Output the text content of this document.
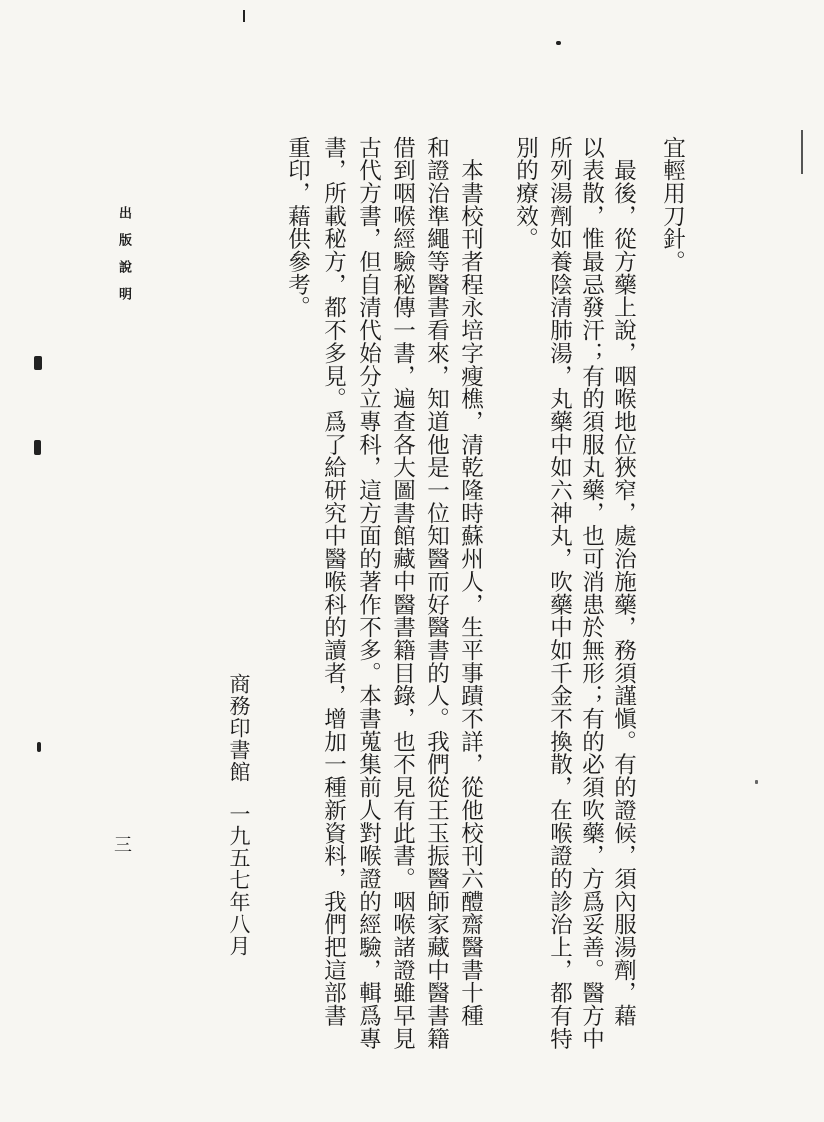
宜輕用刀針。
　最後，從方藥上說，咽喉地位狹窄，處治施藥，務須謹愼。有的證候，須內服湯劑，藉
以表散，惟最忌發汗；有的須服丸藥，也可消患於無形；有的必須吹藥，方爲妥善。醫方中
所列湯劑如養陰清肺湯，丸藥中如六神丸，吹藥中如千金不換散，在喉證的診治上，都有特
別的療效。
　本書校刊者程永培字瘦樵，清乾隆時蘇州人，生平事蹟不詳，從他校刊六醴齋醫書十種
和證治準繩等醫書看來，知道他是一位知醫而好醫書的人。我們從王玉振醫師家藏中醫書籍
借到咽喉經驗秘傳一書，遍查各大圖書館藏中醫書籍目錄，也不見有此書。咽喉諸證雖早見
古代方書，但自清代始分立專科，這方面的著作不多。本書蒐集前人對喉證的經驗，輯爲專
書，所載秘方，都不多見。爲了給研究中醫喉科的讀者，增加一種新資料，我們把這部書
重印，藉供參考。
商務印書館
一九五七年八月
出版說明
三
